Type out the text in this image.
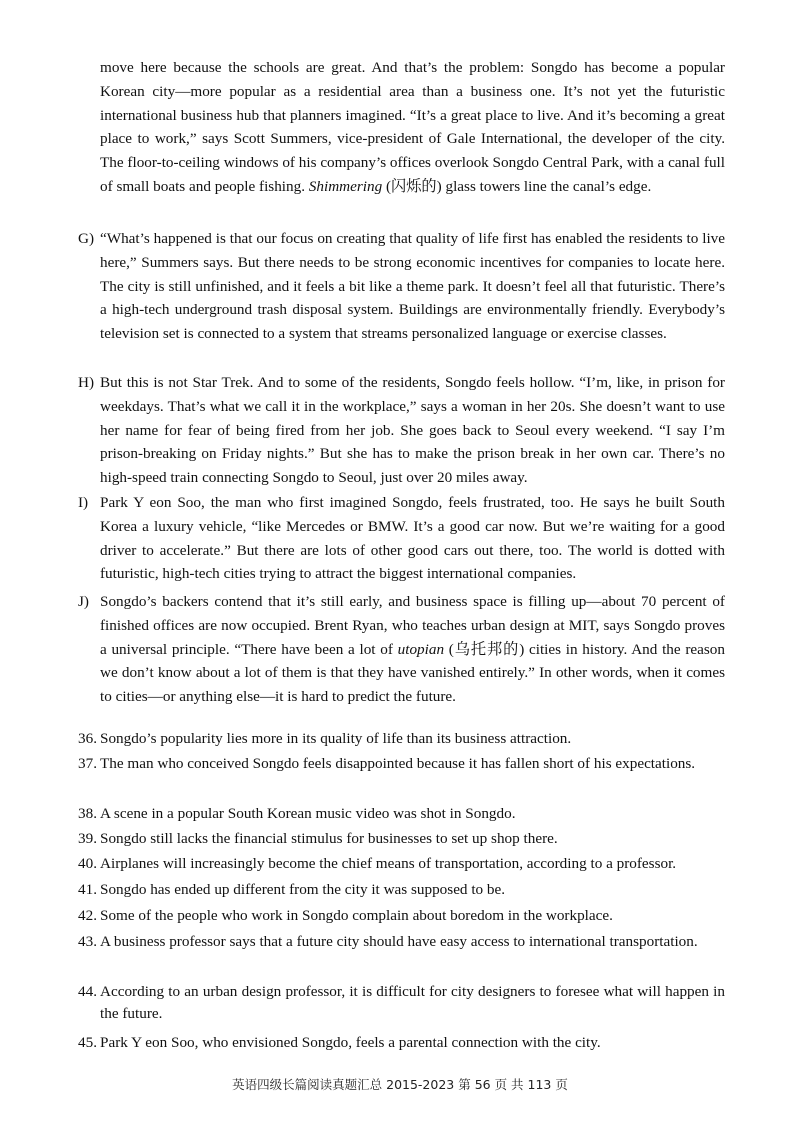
move here because the schools are great. And that’s the problem: Songdo has become a popular Korean city—more popular as a residential area than a business one. It’s not yet the futuristic international business hub that planners imagined. “It’s a great place to live. And it’s becoming a great place to work,” says Scott Summers, vice-president of Gale International, the developer of the city. The floor-to-ceiling windows of his company’s offices overlook Songdo Central Park, with a canal full of small boats and people fishing. Shimmering (闪烁的) glass towers line the canal’s edge.
G) “What’s happened is that our focus on creating that quality of life first has enabled the residents to live here,” Summers says. But there needs to be strong economic incentives for companies to locate here. The city is still unfinished, and it feels a bit like a theme park. It doesn’t feel all that futuristic. There’s a high-tech underground trash disposal system. Buildings are environmentally friendly. Everybody’s television set is connected to a system that streams personalized language or exercise classes.
H) But this is not Star Trek. And to some of the residents, Songdo feels hollow. “I’m, like, in prison for weekdays. That’s what we call it in the workplace,” says a woman in her 20s. She doesn’t want to use her name for fear of being fired from her job. She goes back to Seoul every weekend. “I say I’m prison-breaking on Friday nights.” But she has to make the prison break in her own car. There’s no high-speed train connecting Songdo to Seoul, just over 20 miles away.
I) Park Y eon Soo, the man who first imagined Songdo, feels frustrated, too. He says he built South Korea a luxury vehicle, “like Mercedes or BMW. It’s a good car now. But we’re waiting for a good driver to accelerate.” But there are lots of other good cars out there, too. The world is dotted with futuristic, high-tech cities trying to attract the biggest international companies.
J) Songdo’s backers contend that it’s still early, and business space is filling up—about 70 percent of finished offices are now occupied. Brent Ryan, who teaches urban design at MIT, says Songdo proves a universal principle. “There have been a lot of utopian (乌托邦的) cities in history. And the reason we don’t know about a lot of them is that they have vanished entirely.” In other words, when it comes to cities—or anything else—it is hard to predict the future.
36. Songdo’s popularity lies more in its quality of life than its business attraction.
37. The man who conceived Songdo feels disappointed because it has fallen short of his expectations.
38. A scene in a popular South Korean music video was shot in Songdo.
39. Songdo still lacks the financial stimulus for businesses to set up shop there.
40. Airplanes will increasingly become the chief means of transportation, according to a professor.
41. Songdo has ended up different from the city it was supposed to be.
42. Some of the people who work in Songdo complain about boredom in the workplace.
43. A business professor says that a future city should have easy access to international transportation.
44. According to an urban design professor, it is difficult for city designers to foresee what will happen in the future.
45. Park Y eon Soo, who envisioned Songdo, feels a parental connection with the city.
英语四级长篇阅读真题汇总 2015-2023 第 56 页 共 113 页
